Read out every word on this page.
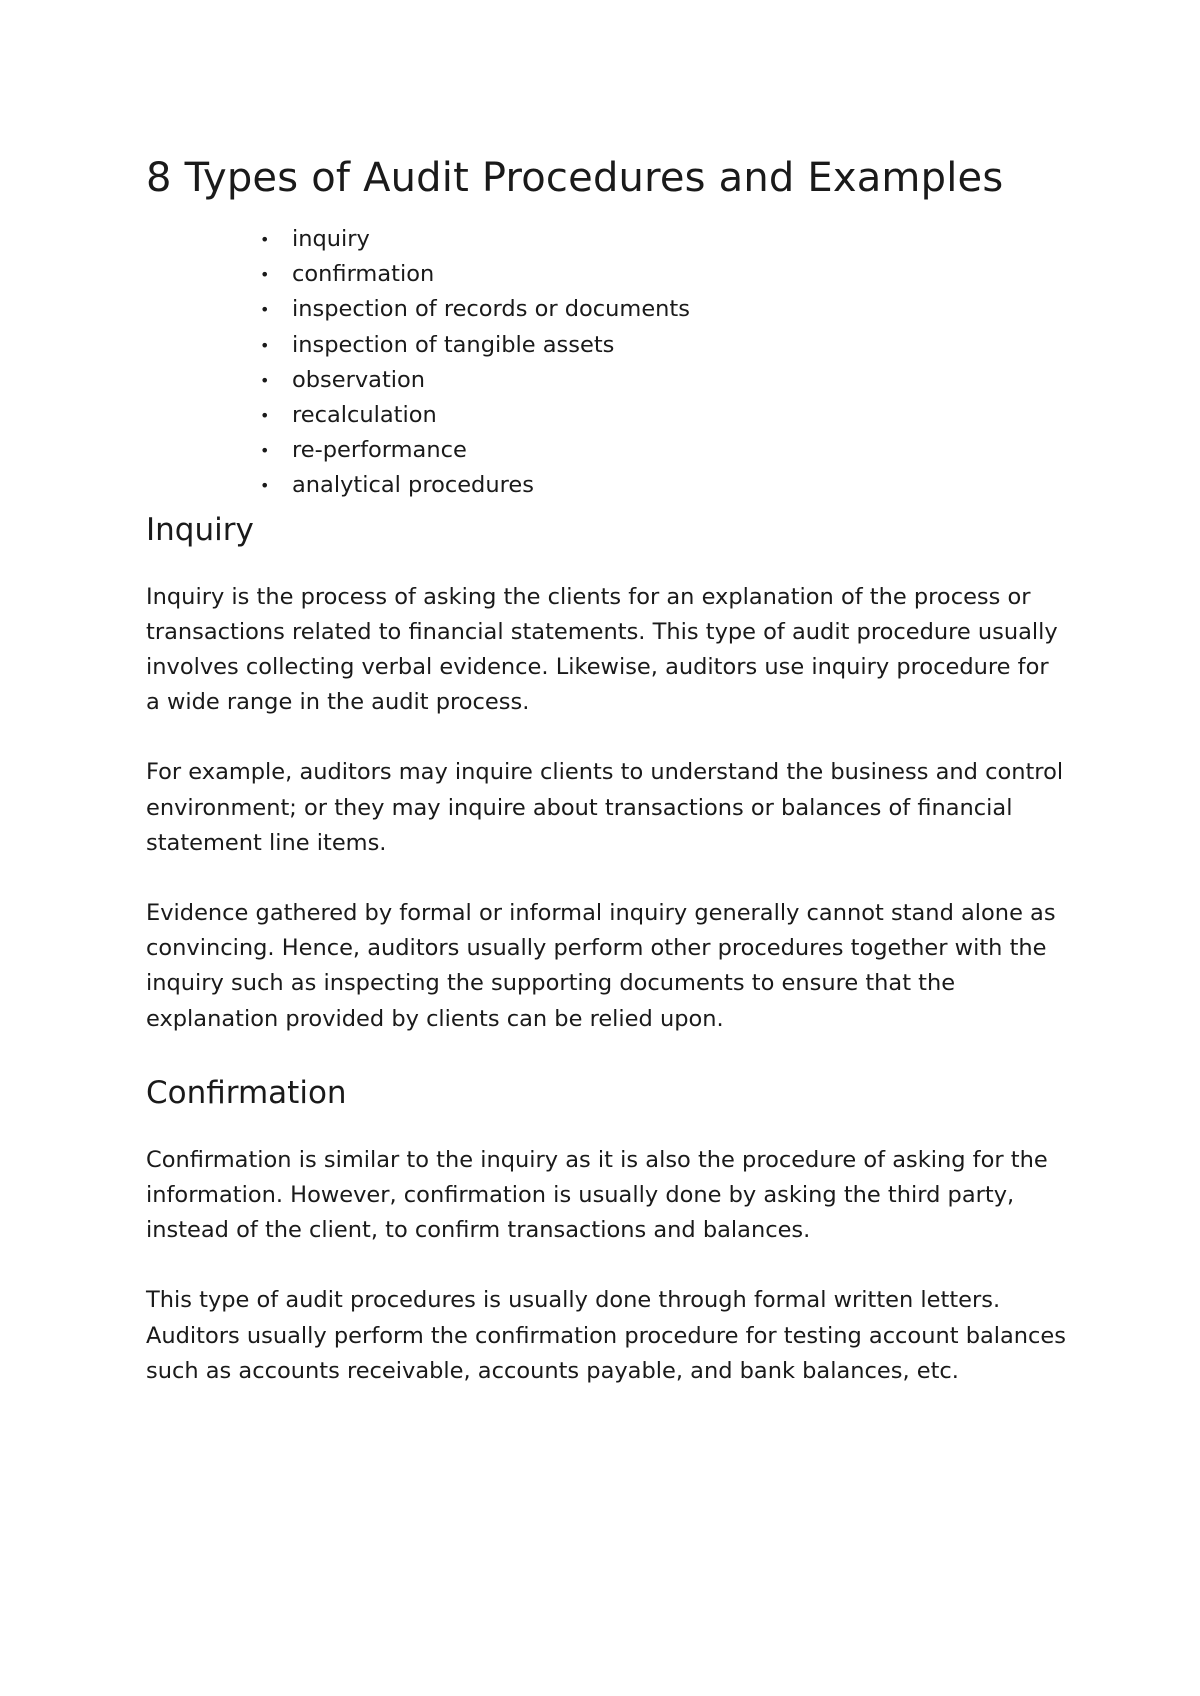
8 Types of Audit Procedures and Examples
• inquiry
• confirmation
• inspection of records or documents
• inspection of tangible assets
• observation
• recalculation
• re-performance
• analytical procedures
Inquiry

Inquiry is the process of asking the clients for an explanation of the process or transactions related to financial statements. This type of audit procedure usually involves collecting verbal evidence. Likewise, auditors use inquiry procedure for a wide range in the audit process.

For example, auditors may inquire clients to understand the business and control environment; or they may inquire about transactions or balances of financial statement line items.

Evidence gathered by formal or informal inquiry generally cannot stand alone as convincing. Hence, auditors usually perform other procedures together with the inquiry such as inspecting the supporting documents to ensure that the explanation provided by clients can be relied upon.

Confirmation

Confirmation is similar to the inquiry as it is also the procedure of asking for the information. However, confirmation is usually done by asking the third party, instead of the client, to confirm transactions and balances.

This type of audit procedures is usually done through formal written letters. Auditors usually perform the confirmation procedure for testing account balances such as accounts receivable, accounts payable, and bank balances, etc.
